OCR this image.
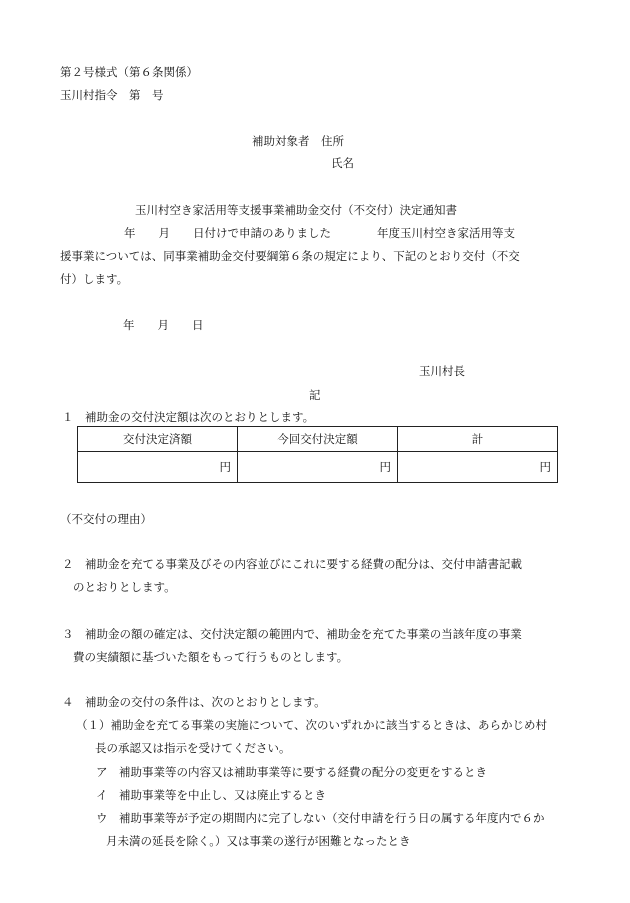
第２号様式（第６条関係）
玉川村指令　第　号
補助対象者　住所
氏名
玉川村空き家活用等支援事業補助金交付（不交付）決定通知書
年　　月　　日付けで申請のありました　　　　年度玉川村空き家活用等支
援事業については、同事業補助金交付要綱第６条の規定により、下記のとおり交付（不交
付）します。
年　　月　　日
玉川村長
記
１　補助金の交付決定額は次のとおりとします。
交付決定済額	今回交付決定額	計
円	円	円
（不交付の理由）
２　補助金を充てる事業及びその内容並びにこれに要する経費の配分は、交付申請書記載
のとおりとします。
３　補助金の額の確定は、交付決定額の範囲内で、補助金を充てた事業の当該年度の事業
費の実績額に基づいた額をもって行うものとします。
４　補助金の交付の条件は、次のとおりとします。
（１）補助金を充てる事業の実施について、次のいずれかに該当するときは、あらかじめ村
長の承認又は指示を受けてください。
ア　補助事業等の内容又は補助事業等に要する経費の配分の変更をするとき
イ　補助事業等を中止し、又は廃止するとき
ウ　補助事業等が予定の期間内に完了しない（交付申請を行う日の属する年度内で６か
月未満の延長を除く。）又は事業の遂行が困難となったとき
